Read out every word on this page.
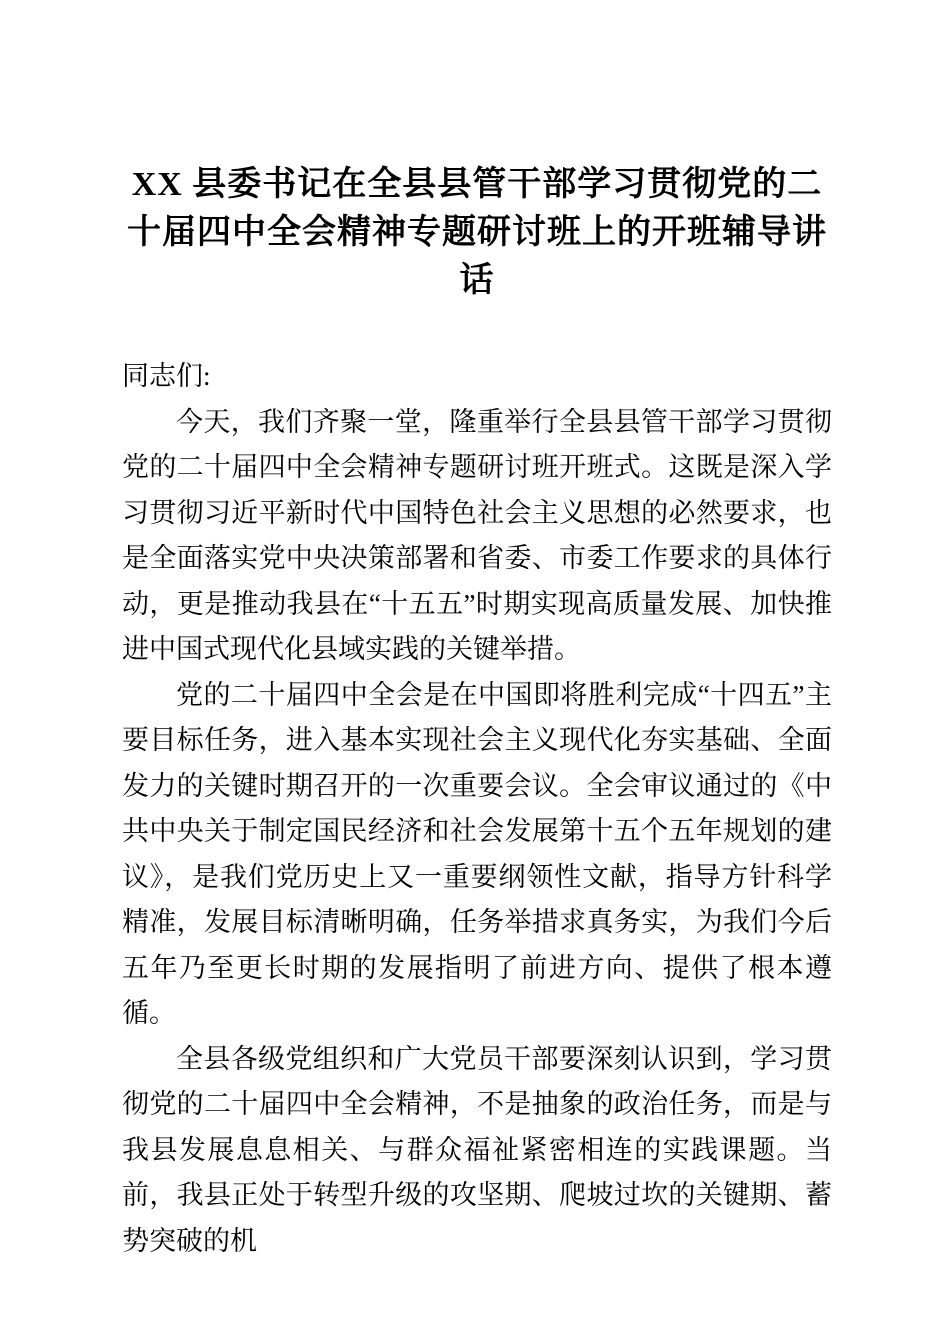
XX 县委书记在全县县管干部学习贯彻党的二十届四中全会精神专题研讨班上的开班辅导讲话

同志们:

今天，我们齐聚一堂，隆重举行全县县管干部学习贯彻党的二十届四中全会精神专题研讨班开班式。这既是深入学习贯彻习近平新时代中国特色社会主义思想的必然要求，也是全面落实党中央决策部署和省委、市委工作要求的具体行动，更是推动我县在“十五五”时期实现高质量发展、加快推进中国式现代化县域实践的关键举措。

党的二十届四中全会是在中国即将胜利完成“十四五”主要目标任务，进入基本实现社会主义现代化夯实基础、全面发力的关键时期召开的一次重要会议。全会审议通过的《中共中央关于制定国民经济和社会发展第十五个五年规划的建议》，是我们党历史上又一重要纲领性文献，指导方针科学精准，发展目标清晰明确，任务举措求真务实，为我们今后五年乃至更长时期的发展指明了前进方向、提供了根本遵循。

全县各级党组织和广大党员干部要深刻认识到，学习贯彻党的二十届四中全会精神，不是抽象的政治任务，而是与我县发展息息相关、与群众福祉紧密相连的实践课题。当前，我县正处于转型升级的攻坚期、爬坡过坎的关键期、蓄势突破的机
